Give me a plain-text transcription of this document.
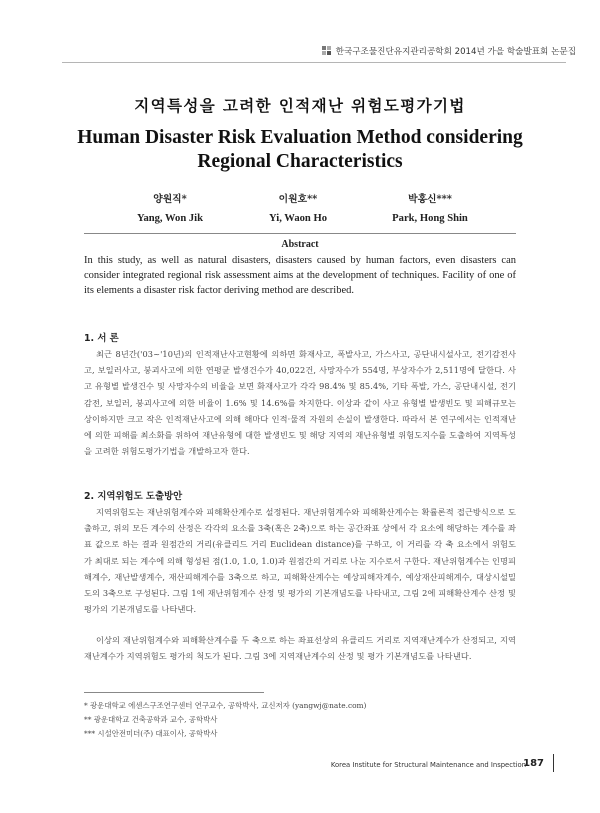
한국구조물진단유지관리공학회 2014년 가을 학술발표회 논문집
지역특성을 고려한 인적재난 위험도평가기법
Human Disaster Risk Evaluation Method considering Regional Characteristics
양원직*
Yang, Won Jik
이원호**
Yi, Waon Ho
박홍신***
Park, Hong Shin
Abstract
In this study, as well as natural disasters, disasters caused by human factors, even disasters can consider integrated regional risk assessment aims at the development of techniques. Facility of one of its elements a disaster risk factor deriving method are described.
1. 서 론
최근 8년간('03~'10년)의 인적재난사고현황에 의하면 화재사고, 폭발사고, 가스사고, 공단내시설사고, 전기감전사고, 보일러사고, 붕괴사고에 의한 연평균 발생건수가 40,022건, 사망자수가 554명, 부상자수가 2,511명에 달한다. 사고 유형별 발생건수 및 사망자수의 비율을 보면 화재사고가 각각 98.4% 및 85.4%, 기타 폭발, 가스, 공단내시설, 전기감전, 보일러, 붕괴사고에 의한 비율이 1.6% 및 14.6%를 차지한다. 이상과 같이 사고 유형별 발생빈도 및 피해규모는 상이하지만 크고 작은 인적재난사고에 의해 해마다 인적·물적 자원의 손실이 발생한다. 따라서 본 연구에서는 인적재난에 의한 피해를 최소화를 위하여 재난유형에 대한 발생빈도 및 해당 지역의 재난유형별 위험도지수를 도출하여 지역특성을 고려한 위험도평가기법을 개발하고자 한다.
2. 지역위험도 도출방안
지역위험도는 재난위험계수와 피해확산계수로 설정된다. 재난위험계수와 피해확산계수는 확률론적 접근방식으로 도출하고, 위의 모든 계수의 산정은 각각의 요소를 3축(혹은 2축)으로 하는 공간좌표 상에서 각 요소에 해당하는 계수를 좌표 값으로 하는 결과 원점간의 거리(유클리드 거리 Euclidean distance)를 구하고, 이 거리를 각 축 요소에서 위험도가 최대로 되는 계수에 의해 형성된 점(1.0, 1.0, 1.0)과 원점간의 거리로 나눈 지수로서 구한다. 재난위험계수는 인명피해계수, 재난발생계수, 재산피해계수를 3축으로 하고, 피해확산계수는 예상피해자계수, 예상재산피해계수, 대상시설밀도의 3축으로 구성된다. 그림 1에 재난위험계수 산정 및 평가의 기본개념도를 나타내고, 그림 2에 피해확산계수 산정 및 평가의 기본개념도를 나타낸다.
이상의 재난위험계수와 피해확산계수를 두 축으로 하는 좌표선상의 유클리드 거리로 지역재난계수가 산정되고, 지역재난계수가 지역위험도 평가의 척도가 된다. 그림 3에 지역재난계수의 산정 및 평가 기본개념도를 나타낸다.
* 광운대학교 에센스구조연구센터 연구교수, 공학박사, 교신저자 (yangwj@nate.com)
** 광운대학교 건축공학과 교수, 공학박사
*** 시설안전미더(주) 대표이사, 공학박사
Korea Institute for Structural Maintenance and Inspection
187
